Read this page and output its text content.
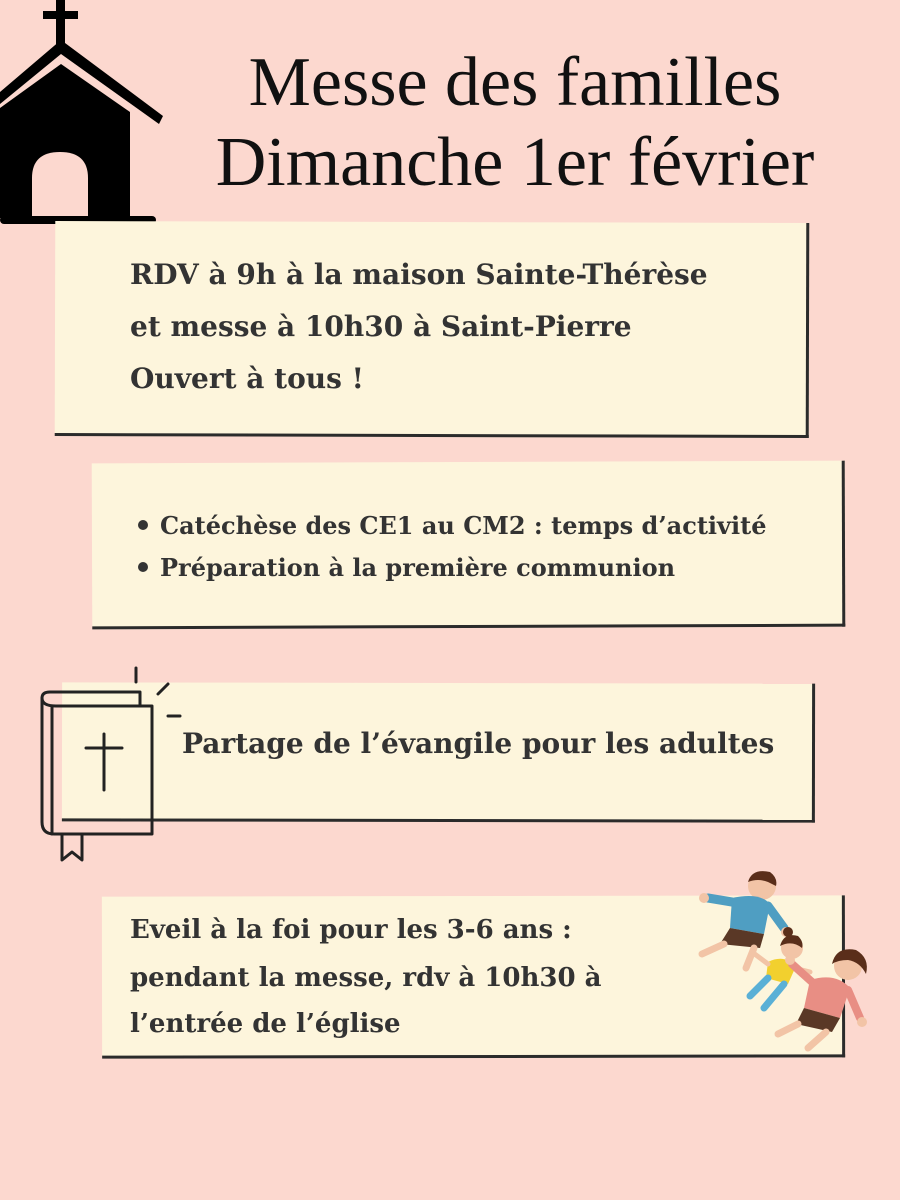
Messe des familles
Dimanche 1er février
RDV à 9h à la maison Sainte-Thérèse
et messe à 10h30 à Saint-Pierre
Ouvert à tous !
Catéchèse des CE1 au CM2 : temps d’activité
Préparation à la première communion
Partage de l’évangile pour les adultes
Eveil à la foi pour les 3-6 ans :
pendant la messe, rdv à 10h30 à
l’entrée de l’église
